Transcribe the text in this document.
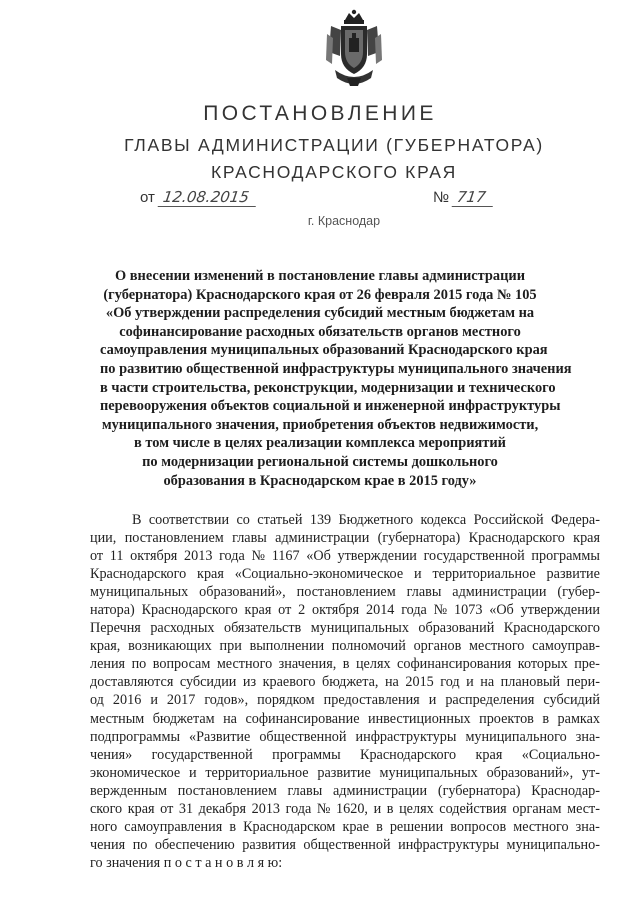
ПОСТАНОВЛЕНИЕ
ГЛАВЫ АДМИНИСТРАЦИИ (ГУБЕРНАТОРА)
КРАСНОДАРСКОГО КРАЯ
от 12.08.2015	№ 717
г. Краснодар
О внесении изменений в постановление главы администрации
(губернатора) Краснодарского края от 26 февраля 2015 года № 105
«Об утверждении распределения субсидий местным бюджетам на
софинансирование расходных обязательств органов местного
самоуправления муниципальных образований Краснодарского края
по развитию общественной инфраструктуры муниципального значения
в части строительства, реконструкции, модернизации и технического
перевооружения объектов социальной и инженерной инфраструктуры
муниципального значения, приобретения объектов недвижимости,
в том числе в целях реализации комплекса мероприятий
по модернизации региональной системы дошкольного
образования в Краснодарском крае в 2015 году»
В соответствии со статьей 139 Бюджетного кодекса Российской Федера-
ции, постановлением главы администрации (губернатора) Краснодарского края
от 11 октября 2013 года № 1167 «Об утверждении государственной программы
Краснодарского края «Социально-экономическое и территориальное развитие
муниципальных образований», постановлением главы администрации (губер-
натора) Краснодарского края от 2 октября 2014 года № 1073 «Об утверждении
Перечня расходных обязательств муниципальных образований Краснодарского
края, возникающих при выполнении полномочий органов местного самоуправ-
ления по вопросам местного значения, в целях софинансирования которых пре-
доставляются субсидии из краевого бюджета, на 2015 год и на плановый пери-
од 2016 и 2017 годов», порядком предоставления и распределения субсидий
местным бюджетам на софинансирование инвестиционных проектов в рамках
подпрограммы «Развитие общественной инфраструктуры муниципального зна-
чения» государственной программы Краснодарского края «Социально-
экономическое и территориальное развитие муниципальных образований», ут-
вержденным постановлением главы администрации (губернатора) Краснодар-
ского края от 31 декабря 2013 года № 1620, и в целях содействия органам мест-
ного самоуправления в Краснодарском крае в решении вопросов местного зна-
чения по обеспечению развития общественной инфраструктуры муниципально-
го значения п о с т а н о в л я ю:
